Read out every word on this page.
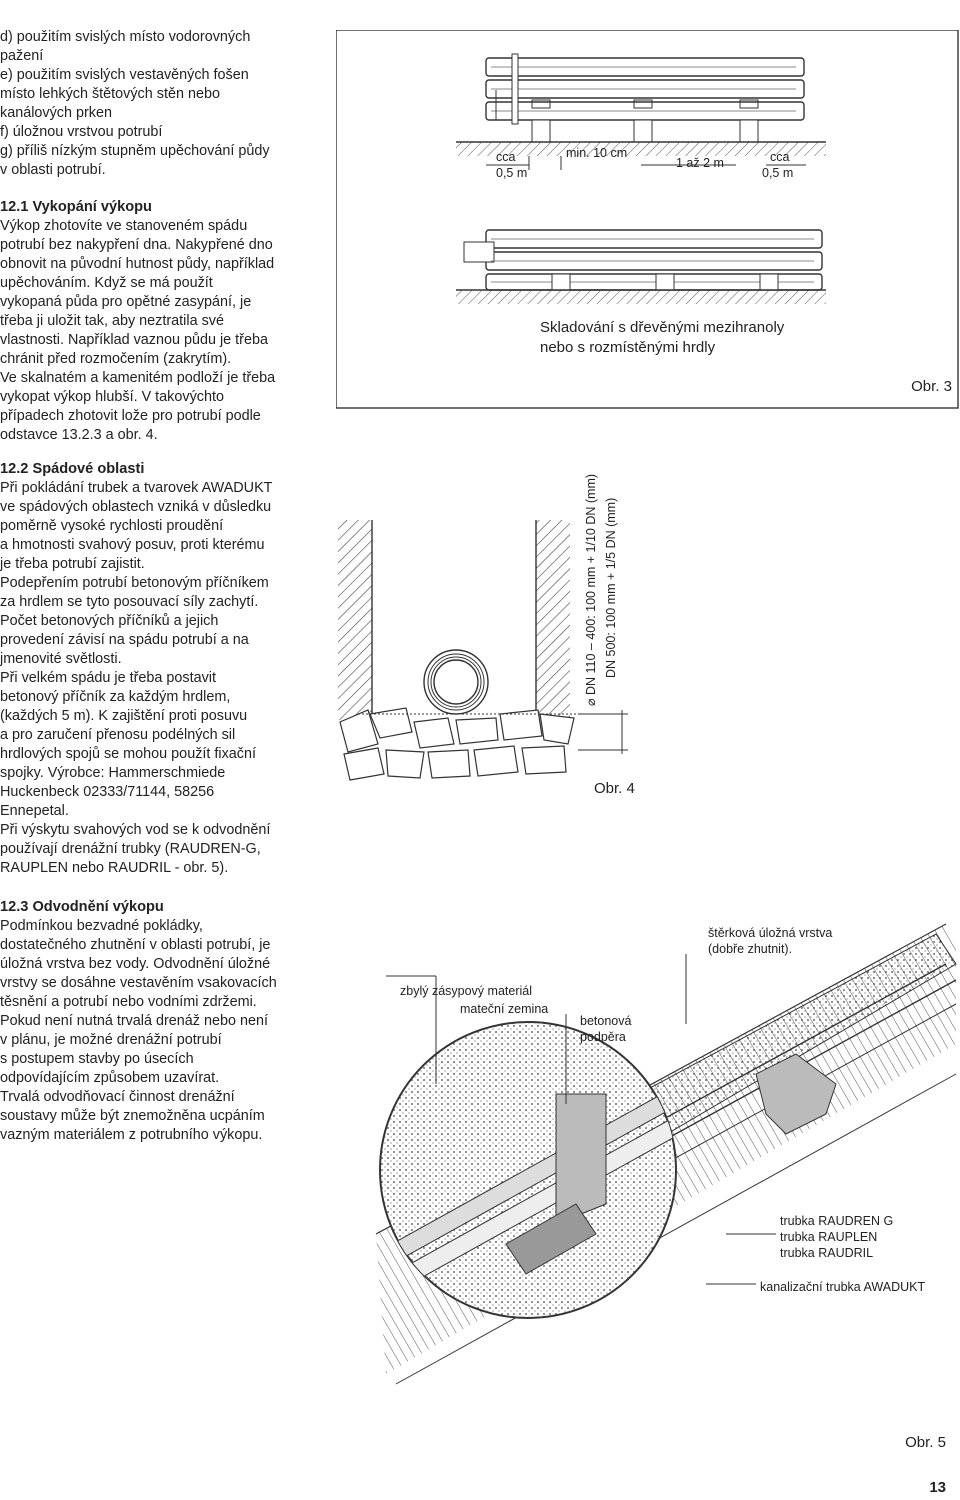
d) použitím svislých místo vodorovných
pažení
e) použitím svislých vestavěných fošen
místo lehkých štětových stěn nebo
kanálových prken
f) úložnou vrstvou potrubí
g) příliš nízkým stupněm upěchování půdy
v oblasti potrubí.
12.1 Vykopání výkopu
Výkop zhotovíte ve stanoveném spádu
potrubí bez nakypření dna. Nakypřené dno
obnovit na původní hutnost půdy, například
upěchováním. Když se má použít
vykopaná půda pro opětné zasypání, je
třeba ji uložit tak, aby neztratila své
vlastnosti. Například vaznou půdu je třeba
chránit před rozmočením (zakrytím).
Ve skalnatém a kamenitém podloží je třeba
vykopat výkop hlubší. V takovýchto
případech zhotovit lože pro potrubí podle
odstavce 13.2.3 a obr. 4.
12.2 Spádové oblasti
Při pokládání trubek a tvarovek AWADUKT
ve spádových oblastech vzniká v důsledku
poměrně vysoké rychlosti proudění
a hmotnosti svahový posuv, proti kterému
je třeba potrubí zajistit.
Podepřením potrubí betonovým příčníkem
za hrdlem se tyto posouvací síly zachytí.
Počet betonových příčníků a jejich
provedení závisí na spádu potrubí a na
jmenovité světlosti.
Při velkém spádu je třeba postavit
betonový příčník za každým hrdlem,
(každých 5 m). K zajištění proti posuvu
a pro zaručení přenosu podélných sil
hrdlových spojů se mohou použít fixační
spojky. Výrobce: Hammerschmiede
Huckenbeck 02333/71144, 58256
Ennepetal.
Při výskytu svahových vod se k odvodnění
používají drenážní trubky (RAUDREN-G,
RAUPLEN nebo RAUDRIL - obr. 5).
12.3 Odvodnění výkopu
Podmínkou bezvadné pokládky,
dostatečného zhutnění v oblasti potrubí, je
úložná vrstva bez vody. Odvodnění úložné
vrstvy se dosáhne vestavěním vsakovacích
těsnění a potrubí nebo vodními zdržemi.
Pokud není nutná trvalá drenáž nebo není
v plánu, je možné drenážní potrubí
s postupem stavby po úsecích
odpovídajícím způsobem uzavírat.
Trvalá odvodňovací činnost drenážní
soustavy může být znemožněna ucpáním
vazným materiálem z potrubního výkopu.
cca
0,5 m
min. 10 cm
1 až 2 m	cca
0,5 m
Skladování s dřevěnými mezihranoly
nebo s rozmístěnými hrdly
Obr. 3
⌀ DN 110 – 400: 100 mm + 1/10 DN (mm) DN 500: 100 mm + 1/5 DN (mm)
Obr. 4
zbylý zásypový materiál
mateční zemina
betonová
podpěra
štěrková úložná vrstva
(dobře zhutnit).
trubka RAUDREN G
trubka RAUPLEN
trubka RAUDRIL
kanalizační trubka AWADUKT
Obr. 5
13
